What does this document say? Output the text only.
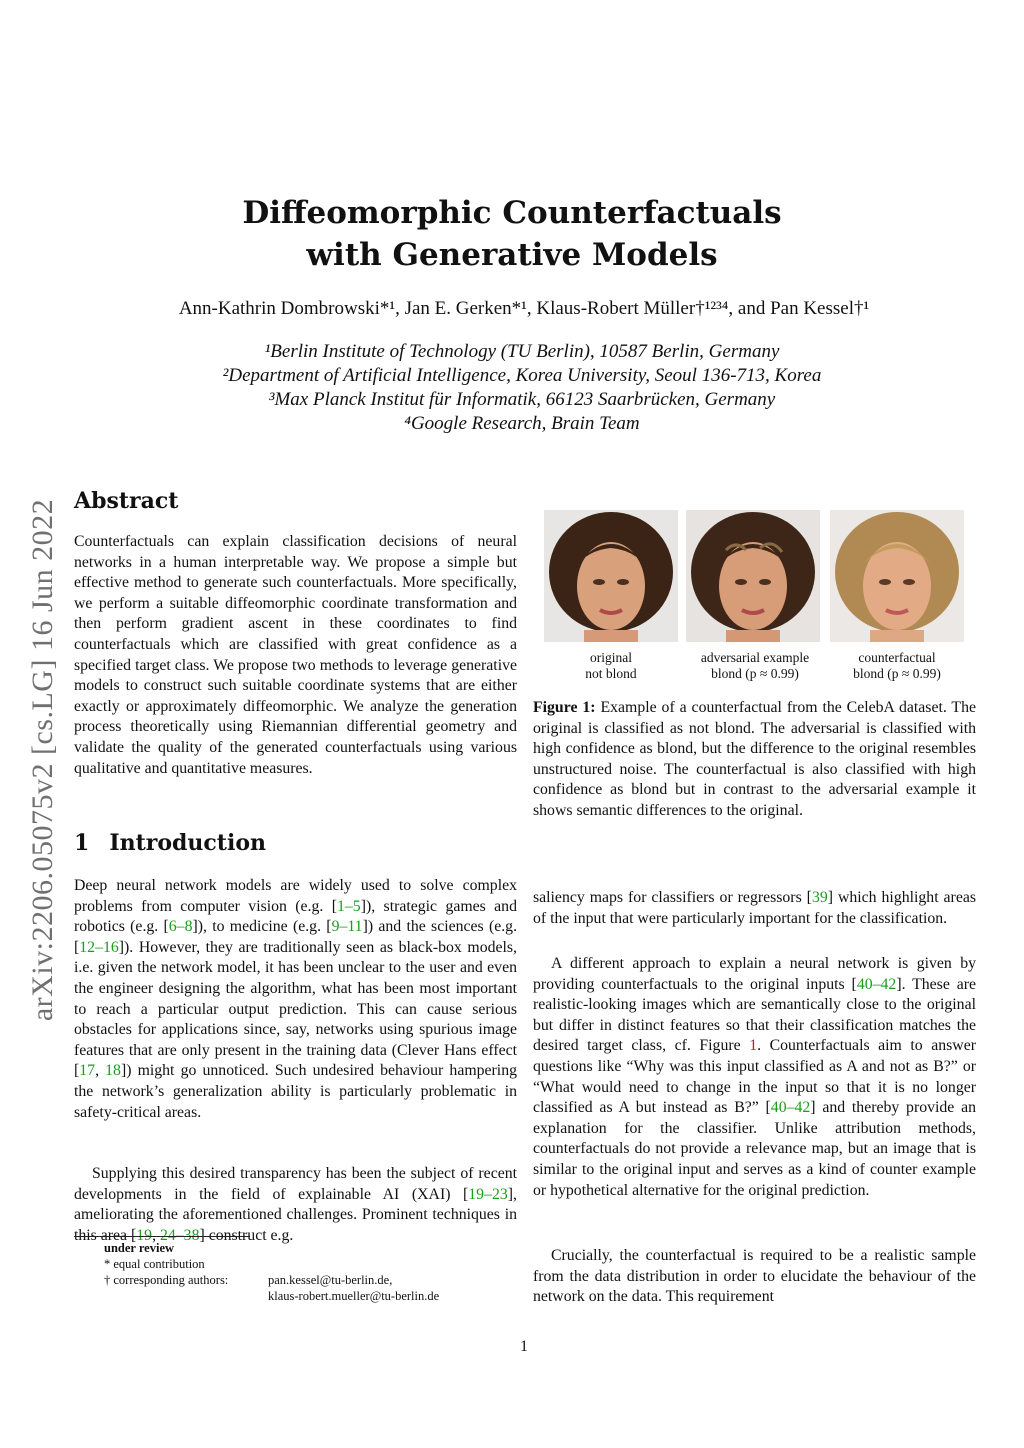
Diffeomorphic Counterfactuals
with Generative Models
Ann-Kathrin Dombrowski*¹, Jan E. Gerken*¹, Klaus-Robert Müller†¹²³⁴, and Pan Kessel†¹
¹Berlin Institute of Technology (TU Berlin), 10587 Berlin, Germany
²Department of Artificial Intelligence, Korea University, Seoul 136-713, Korea
³Max Planck Institut für Informatik, 66123 Saarbrücken, Germany
⁴Google Research, Brain Team
arXiv:2206.05075v2 [cs.LG] 16 Jun 2022 Abstract
Counterfactuals can explain classification decisions of neural networks in a human interpretable way. We propose a simple but effective method to generate such counterfactuals. More specifically, we perform a suitable diffeomorphic coordinate transformation and then perform gradient ascent in these coordinates to find counterfactuals which are classified with great confidence as a specified target class. We propose two methods to leverage generative models to construct such suitable coordinate systems that are either exactly or approximately diffeomorphic. We analyze the generation process theoretically using Riemannian differential geometry and validate the quality of the generated counterfactuals using various qualitative and quantitative measures.
1 Introduction
Deep neural network models are widely used to solve complex problems from computer vision (e.g. [1–5]), strategic games and robotics (e.g. [6–8]), to medicine (e.g. [9–11]) and the sciences (e.g. [12–16]). However, they are traditionally seen as black-box models, i.e. given the network model, it has been unclear to the user and even the engineer designing the algorithm, what has been most important to reach a particular output prediction. This can cause serious obstacles for applications since, say, networks using spurious image features that are only present in the training data (Clever Hans effect [17, 18]) might go unnoticed. Such undesired behaviour hampering the network’s generalization ability is particularly problematic in safety-critical areas.
Supplying this desired transparency has been the subject of recent developments in the field of explainable AI (XAI) [19–23], ameliorating the aforementioned challenges. Prominent techniques in this area [19, 24–38] construct e.g.
under review
* equal contribution
† corresponding authors:	pan.kessel@tu-berlin.de,
klaus-robert.mueller@tu-berlin.de
original
not blond
adversarial example
blond (p ≈ 0.99)
counterfactual
blond (p ≈ 0.99)
Figure 1: Example of a counterfactual from the CelebA dataset. The original is classified as not blond. The adversarial is classified with high confidence as blond, but the difference to the original resembles unstructured noise. The counterfactual is also classified with high confidence as blond but in contrast to the adversarial example it shows semantic differences to the original.
saliency maps for classifiers or regressors [39] which highlight areas of the input that were particularly important for the classification.
A different approach to explain a neural network is given by providing counterfactuals to the original inputs [40–42]. These are realistic-looking images which are semantically close to the original but differ in distinct features so that their classification matches the desired target class, cf. Figure 1. Counterfactuals aim to answer questions like “Why was this input classified as A and not as B?” or “What would need to change in the input so that it is no longer classified as A but instead as B?” [40–42] and thereby provide an explanation for the classifier. Unlike attribution methods, counterfactuals do not provide a relevance map, but an image that is similar to the original input and serves as a kind of counter example or hypothetical alternative for the original prediction.
Crucially, the counterfactual is required to be a realistic sample from the data distribution in order to elucidate the behaviour of the network on the data. This requirement
1
